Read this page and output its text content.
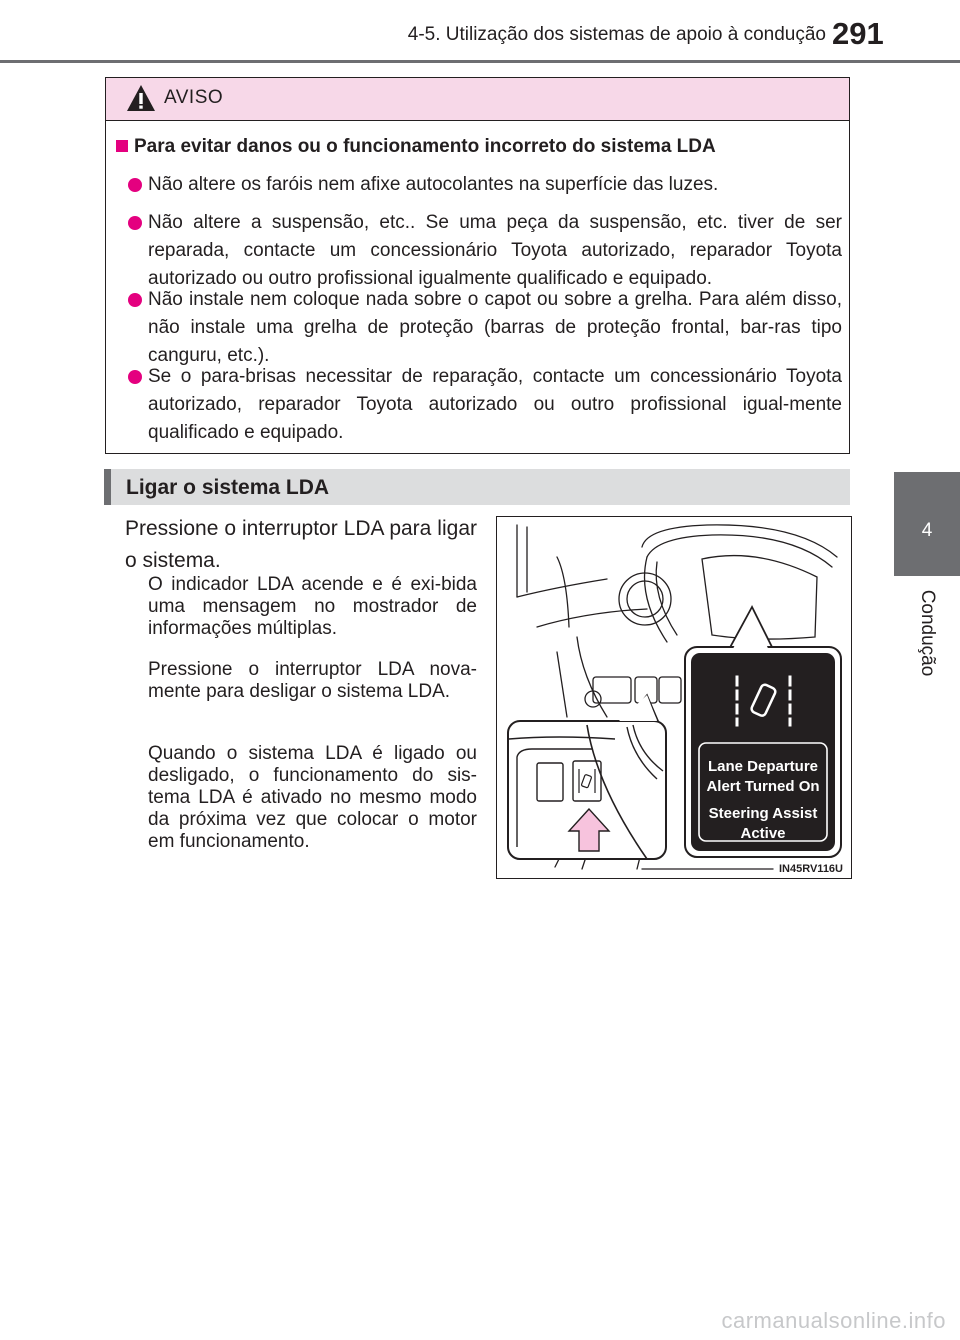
4-5. Utilização dos sistemas de apoio à condução 291
4
Condução
AVISO
Para evitar danos ou o funcionamento incorreto do sistema LDA
Não altere os faróis nem afixe autocolantes na superfície das luzes.
Não altere a suspensão, etc.. Se uma peça da suspensão, etc. tiver de ser reparada, contacte um concessionário Toyota autorizado, reparador Toyota autorizado ou outro profissional igualmente qualificado e equipado.
Não instale nem coloque nada sobre o capot ou sobre a grelha. Para além disso, não instale uma grelha de proteção (barras de proteção frontal, bar-ras tipo canguru, etc.).
Se o para-brisas necessitar de reparação, contacte um concessionário Toyota autorizado, reparador Toyota autorizado ou outro profissional igual-mente qualificado e equipado.
Ligar o sistema LDA
Pressione o interruptor LDA para ligar o sistema.
O indicador LDA acende e é exi-bida uma mensagem no mostrador de informações múltiplas.
Pressione o interruptor LDA nova-mente para desligar o sistema LDA.
Quando o sistema LDA é ligado ou desligado, o funcionamento do sis-tema LDA é ativado no mesmo modo da próxima vez que colocar o motor em funcionamento.
Lane Departure
Alert Turned On
Steering Assist
Active
IN45RV116U
carmanualsonline.info
